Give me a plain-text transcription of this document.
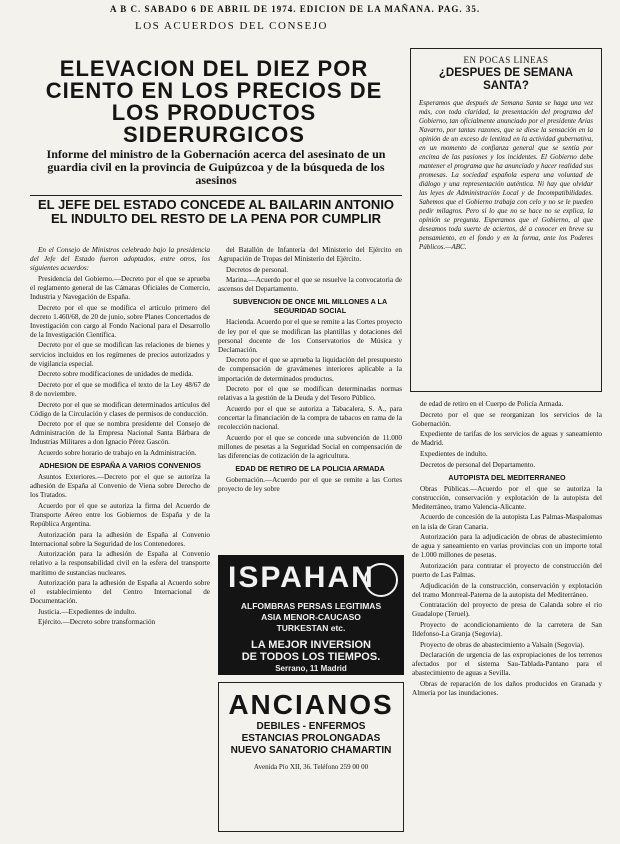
A B C. SABADO 6 DE ABRIL DE 1974. EDICION DE LA MAÑANA. PAG. 35.
LOS ACUERDOS DEL CONSEJO
ELEVACION DEL DIEZ POR CIENTO EN LOS PRECIOS DE LOS PRODUCTOS SIDERURGICOS
Informe del ministro de la Gobernación acerca del asesinato de un guardia civil en la provincia de Guipúzcoa y de la búsqueda de los asesinos
EL JEFE DEL ESTADO CONCEDE AL BAILARIN ANTONIO EL INDULTO DEL RESTO DE LA PENA POR CUMPLIR

En el Consejo de Ministros celebrado bajo la presidencia del Jefe del Estado fueron adoptados, entre otros, los siguientes acuerdos:

Presidencia del Gobierno.—Decreto por el que se aprueba el reglamento general de las Cámaras Oficiales de Comercio, Industria y Navegación de España.

Decreto por el que se modifica el artículo primero del decreto 1.460/68, de 20 de junio, sobre Planes Concertados de Investigación con cargo al Fondo Nacional para el Desarrollo de la Investigación Científica.

Decreto por el que se modifican las relaciones de bienes y servicios incluidos en los regímenes de precios autorizados y de vigilancia especial.

Decreto sobre modificaciones de unidades de medida.

Decreto por el que se modifica el texto de la Ley 48/67 de 8 de noviembre.

Decreto por el que se modifican determinados artículos del Código de la Circulación y clases de permisos de conducción.

Decreto por el que se nombra presidente del Consejo de Administración de la Empresa Nacional Santa Bárbara de Industrias Militares a don Ignacio Pérez Gascón.

Acuerdo sobre horario de trabajo en la Administración.

ADHESION DE ESPAÑA A VARIOS CONVENIOS

Asuntos Exteriores.—Decreto por el que se autoriza la adhesión de España al Convenio de Viena sobre Derecho de los Tratados.

Acuerdo por el que se autoriza la firma del Acuerdo de Transporte Aéreo entre los Gobiernos de España y de la República Argentina.

Autorización para la adhesión de España al Convenio Internacional sobre la Seguridad de los Contenedores.

Autorización para la adhesión de España al Convenio relativo a la responsabilidad civil en la esfera del transporte marítimo de sustancias nucleares.

Autorización para la adhesión de España al Acuerdo sobre el establecimiento del Centro Internacional de Documentación.

Justicia.—Expedientes de indulto.

Ejército.—Decreto sobre transformación

del Batallón de Infantería del Ministerio del Ejército en Agrupación de Tropas del Ministerio del Ejército.

Decretos de personal.

Marina.—Acuerdo por el que se resuelve la convocatoria de ascensos del Departamento.

SUBVENCION DE ONCE MIL MILLONES A LA SEGURIDAD SOCIAL

Hacienda. Acuerdo por el que se remite a las Cortes proyecto de ley por el que se modifican las plantillas y dotaciones del personal docente de los Conservatorios de Música y Declamación.

Decreto por el que se aprueba la liquidación del presupuesto de compensación de gravámenes interiores aplicable a la importación de determinados productos.

Decreto por el que se modifican determinadas normas relativas a la gestión de la Deuda y del Tesoro Público.

Acuerdo por el que se autoriza a Tabacalera, S. A., para concertar la financiación de la compra de tabacos en rama de la recolección nacional.

Acuerdo por el que se concede una subvención de 11.000 millones de pesetas a la Seguridad Social en compensación de las diferencias de cotización de la agricultura.

EDAD DE RETIRO DE LA POLICIA ARMADA

Gobernación.—Acuerdo por el que se remite a las Cortes proyecto de ley sobre

EN POCAS LINEAS
¿DESPUES DE SEMANA SANTA?
Esperamos que después de Semana Santa se haga una vez más, con toda claridad, la presentación del programa del Gobierno, tan oficialmente anunciado por el presidente Arias Navarro, por tantas razones, que se diese la sensación en la opinión de un exceso de lentitud en la actividad gubernativa, en un momento de confianza general que se sentía por encima de las pasiones y los incidentes. El Gobierno debe mantener el programa que ha anunciado y hacer realidad sus promesas. La sociedad española espera una voluntad de diálogo y una representación auténtica. Ni hay que olvidar las leyes de Administración Local y de Incompatibilidades. Sabemos que el Gobierno trabaja con celo y no se le pueden pedir milagros. Pero si lo que no se hace no se explica, la opinión se pregunta. Esperamos que el Gobierno, al que deseamos toda suerte de aciertos, dé a conocer en breve su pensamiento, en el fondo y en la forma, ante los Poderes Públicos.—ABC.

de edad de retiro en el Cuerpo de Policía Armada.

Decreto por el que se reorganizan los servicios de la Gobernación.

Expediente de tarifas de los servicios de aguas y saneamiento de Madrid.

Expedientes de indulto.

Decretos de personal del Departamento.

AUTOPISTA DEL MEDITERRANEO

Obras Públicas.—Acuerdo por el que se autoriza la construcción, conservación y explotación de la autopista del Mediterráneo, tramo Valencia-Alicante.

Acuerdo de concesión de la autopista Las Palmas-Maspalomas en la isla de Gran Canaria.

Autorización para la adjudicación de obras de abastecimiento de agua y saneamiento en varias provincias con un importe total de 1.000 millones de pesetas.

Autorización para contratar el proyecto de construcción del puerto de Las Palmas.

Adjudicación de la construcción, conservación y explotación del tramo Monrreal-Paterna de la autopista del Mediterráneo.

Contratación del proyecto de presa de Calanda sobre el río Guadalope (Teruel).

Proyecto de acondicionamiento de la carretera de San Ildefonso-La Granja (Segovia).

Proyecto de obras de abastecimiento a Valsaín (Segovia).

Declaración de urgencia de las expropiaciones de los terrenos afectados por el sistema Sau-Tablada-Pantano para el abastecimiento de aguas a Sevilla.

Obras de reparación de los daños producidos en Granada y Almería por las inundaciones.

ISPAHAN
ALFOMBRAS PERSAS LEGITIMAS
ASIA MENOR-CAUCASO
TURKESTAN etc.
LA MEJOR INVERSION
DE TODOS LOS TIEMPOS.
Serrano, 11 Madrid
ANCIANOS
DEBILES - ENFERMOS
ESTANCIAS PROLONGADAS
NUEVO SANATORIO CHAMARTIN
Avenida Pío XII, 36. Teléfono 259 00 00
